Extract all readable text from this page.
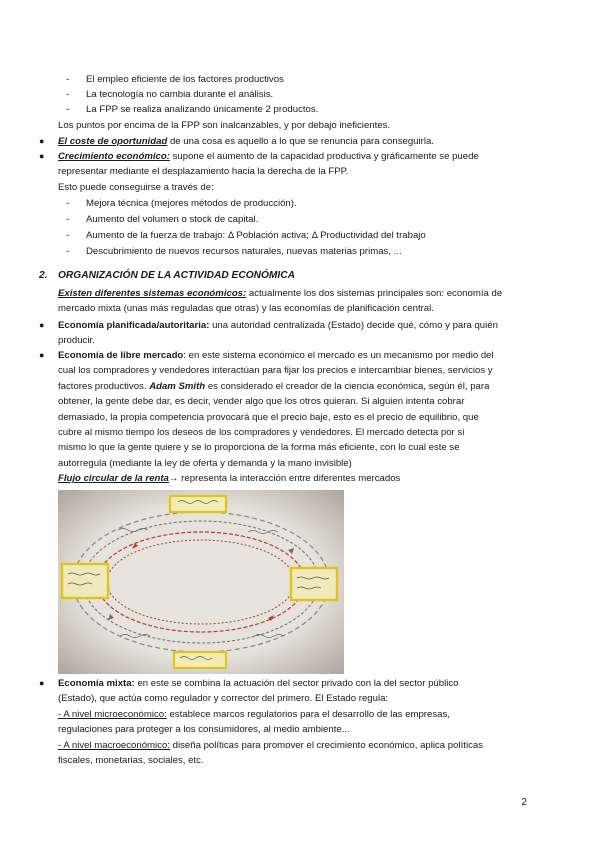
- El empleo eficiente de los factores productivos
- La tecnología no cambia durante el análisis.
- La FPP se realiza analizando únicamente 2 productos.
Los puntos por encima de la FPP son inalcanzables, y por debajo ineficientes.
● El coste de oportunidad de una cosa es aquello a lo que se renuncia para conseguirla.
● Crecimiento económico: supone el aumento de la capacidad productiva y gráficamente se puede
representar mediante el desplazamiento hacia la derecha de la FPP.
Esto puede conseguirse a través de:
- Mejora técnica (mejores métodos de producción).
- Aumento del volumen o stock de capital.
- Aumento de la fuerza de trabajo: Δ Población activa; Δ Productividad del trabajo
- Descubrimiento de nuevos recursos naturales, nuevas materias primas, ...
2. ORGANIZACIÓN DE LA ACTIVIDAD ECONÓMICA
Existen diferentes sistemas económicos: actualmente los dos sistemas principales son: economía de
mercado mixta (unas más reguladas que otras) y las economías de planificación central.
● Economía planificada/autoritaria: una autoridad centralizada (Estado) decide qué, cómo y para quién
producir.
● Economía de libre mercado: en este sistema económico el mercado es un mecanismo por medio del
cual los compradores y vendedores interactúan para fijar los precios e intercambiar bienes, servicios y
factores productivos. Adam Smith es considerado el creador de la ciencia económica, según él, para
obtener, la gente debe dar, es decir, vender algo que los otros quieran. Si alguien intenta cobrar
demasiado, la propia competencia provocará que el precio baje, esto es el precio de equilibrio, que
cubre al mismo tiempo los deseos de los compradores y vendedores. El mercado detecta por si
mismo lo que la gente quiere y se lo proporciona de la forma más eficiente, con lo cual este se
autorregula (mediante la ley de oferta y demanda y la mano invisible)
Flujo circular de la renta→ representa la interacción entre diferentes mercados
● Economía mixta: en este se combina la actuación del sector privado con la del sector público
(Estado), que actúa como regulador y corrector del primero. El Estado regula:
- A nivel microeconómico: establece marcos regulatorios para el desarrollo de las empresas,
regulaciones para proteger a los consumidores, al medio ambiente...
- A nivel macroeconómico: diseña políticas para promover el crecimiento económico, aplica políticas
fiscales, monetarias, sociales, etc.
2
